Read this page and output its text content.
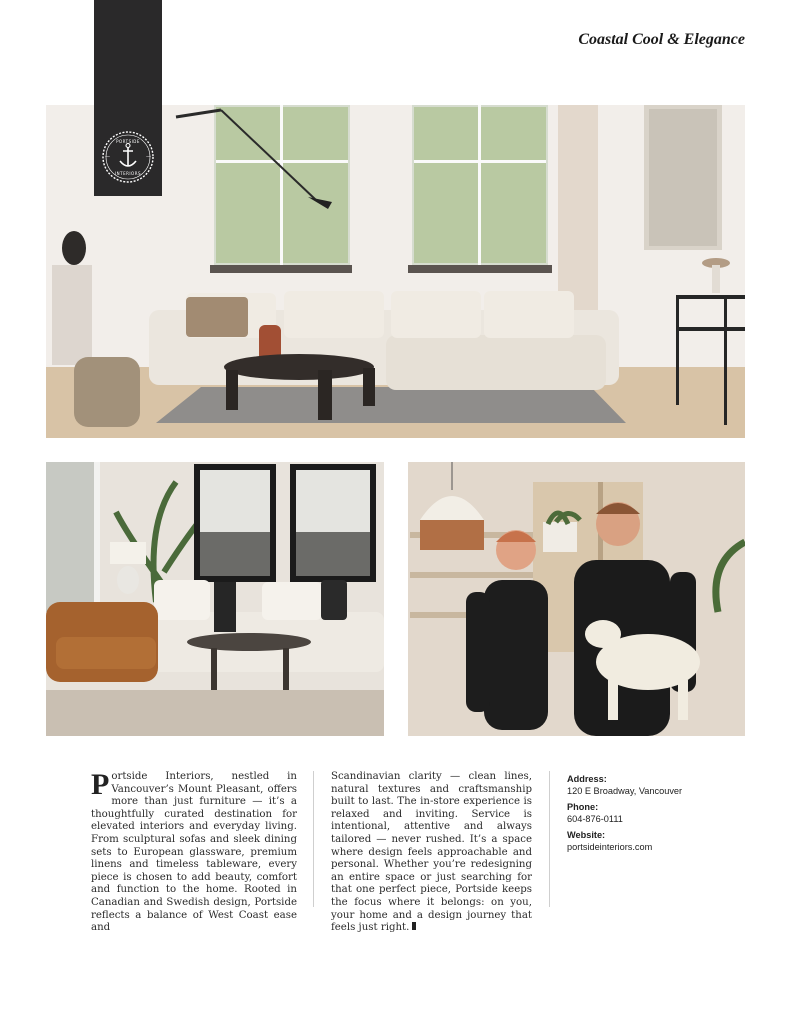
Coastal Cool & Elegance
PORTSIDE
INTERIORS
—	—
Portside Interiors, nestled in Vancouver’s Mount Pleasant, offers more than just furniture — it’s a thoughtfully curated destination for elevated interiors and everyday living. From sculptural sofas and sleek dining sets to European glassware, premium linens and timeless tableware, every piece is chosen to add beauty, comfort and function to the home. Rooted in Canadian and Swedish design, Portside reflects a balance of West Coast ease and
Scandinavian clarity — clean lines, natural textures and craftsmanship built to last. The in-store experience is relaxed and inviting. Service is intentional, attentive and always tailored — never rushed. It’s a space where design feels approachable and personal. Whether you’re redesigning an entire space or just searching for that one perfect piece, Portside keeps the focus where it belongs: on you, your home and a design journey that feels just right.
Address:
120 E Broadway, Vancouver
Phone:
604-876-0111
Website:
portsideinteriors.com
